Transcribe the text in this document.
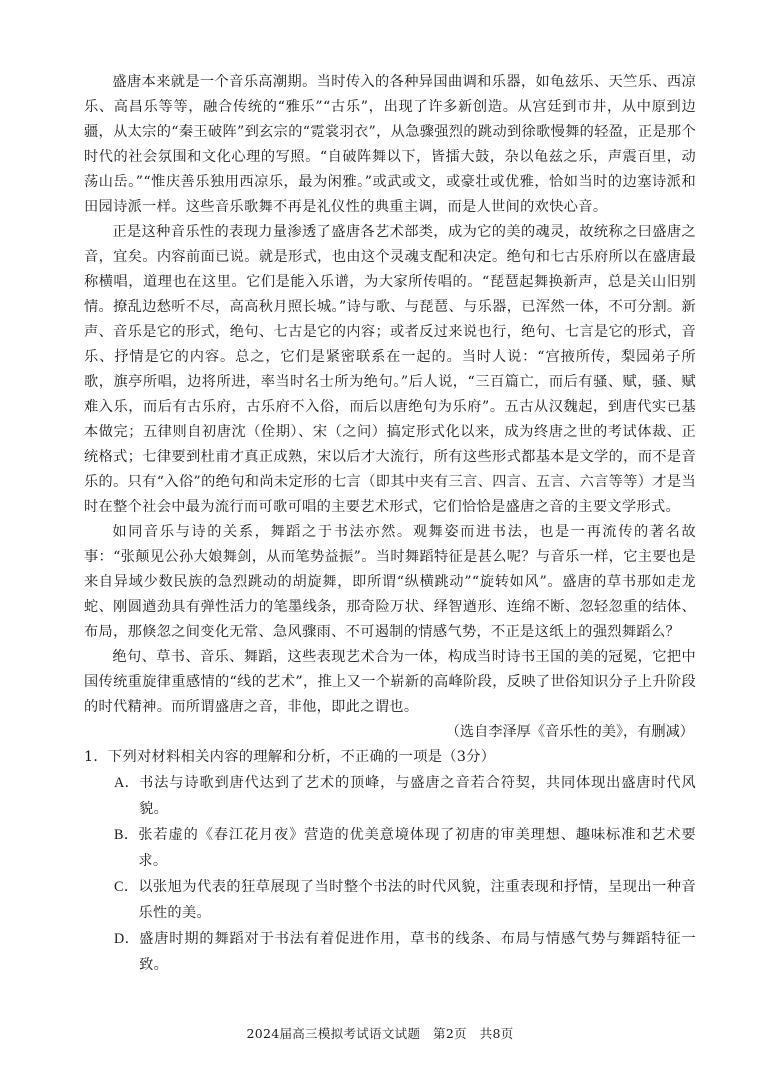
盛唐本来就是一个音乐高潮期。当时传入的各种异国曲调和乐器，如龟兹乐、天竺乐、西凉乐、高昌乐等等，融合传统的“雅乐”“古乐”，出现了许多新创造。从宫廷到市井，从中原到边疆，从太宗的“秦王破阵”到玄宗的“霓裳羽衣”，从急骤强烈的跳动到徐歌慢舞的轻盈，正是那个时代的社会氛围和文化心理的写照。“自破阵舞以下，皆擂大鼓，杂以龟兹之乐，声震百里，动荡山岳。”“惟庆善乐独用西凉乐，最为闲雅。”或武或文，或豪壮或优雅，恰如当时的边塞诗派和田园诗派一样。这些音乐歌舞不再是礼仪性的典重主调，而是人世间的欢快心音。

正是这种音乐性的表现力量渗透了盛唐各艺术部类，成为它的美的魂灵，故统称之曰盛唐之音，宜矣。内容前面已说。就是形式，也由这个灵魂支配和决定。绝句和七古乐府所以在盛唐最称横唱，道理也在这里。它们是能入乐谱，为大家所传唱的。“琵琶起舞换新声，总是关山旧别情。撩乱边愁听不尽，高高秋月照长城。”诗与歌、与琵琶、与乐器，已浑然一体，不可分割。新声、音乐是它的形式，绝句、七古是它的内容；或者反过来说也行，绝句、七言是它的形式，音乐、抒情是它的内容。总之，它们是紧密联系在一起的。当时人说：“宫掖所传，梨园弟子所歌，旗亭所唱，边将所进，率当时名士所为绝句。”后人说，“三百篇亡，而后有骚、赋，骚、赋难入乐，而后有古乐府，古乐府不入俗，而后以唐绝句为乐府”。五古从汉魏起，到唐代实已基本做完；五律则自初唐沈（佺期）、宋（之问）搞定形式化以来，成为终唐之世的考试体裁、正统格式；七律要到杜甫才真正成熟，宋以后才大流行，所有这些形式都基本是文学的，而不是音乐的。只有“入俗”的绝句和尚未定形的七言（即其中夹有三言、四言、五言、六言等等）才是当时在整个社会中最为流行而可歌可唱的主要艺术形式，它们恰恰是盛唐之音的主要文学形式。

如同音乐与诗的关系，舞蹈之于书法亦然。观舞姿而进书法，也是一再流传的著名故事：“张颠见公孙大娘舞剑，从而笔势益振”。当时舞蹈特征是甚么呢？与音乐一样，它主要也是来自异域少数民族的急烈跳动的胡旋舞，即所谓“纵横跳动”“旋转如风”。盛唐的草书那如走龙蛇、刚圆遒劲具有弹性活力的笔墨线条，那奇险万状、绎智遒形、连绵不断、忽轻忽重的结体、布局，那倏忽之间变化无常、急风骤雨、不可遏制的情感气势，不正是这纸上的强烈舞蹈么？

绝句、草书、音乐、舞蹈，这些表现艺术合为一体，构成当时诗书王国的美的冠冕，它把中国传统重旋律重感情的“线的艺术”，推上又一个崭新的高峰阶段，反映了世俗知识分子上升阶段的时代精神。而所谓盛唐之音，非他，即此之谓也。

（选自李泽厚《音乐性的美》，有删减）

1．下列对材料相关内容的理解和分析，不正确的一项是（3分）

A． 书法与诗歌到唐代达到了艺术的顶峰，与盛唐之音若合符契，共同体现出盛唐时代风貌。
B． 张若虚的《春江花月夜》营造的优美意境体现了初唐的审美理想、趣味标准和艺术要求。
C． 以张旭为代表的狂草展现了当时整个书法的时代风貌，注重表现和抒情，呈现出一种音乐性的美。
D． 盛唐时期的舞蹈对于书法有着促进作用，草书的线条、布局与情感气势与舞蹈特征一致。
2024届高三模拟考试语文试题　第2页　共8页
